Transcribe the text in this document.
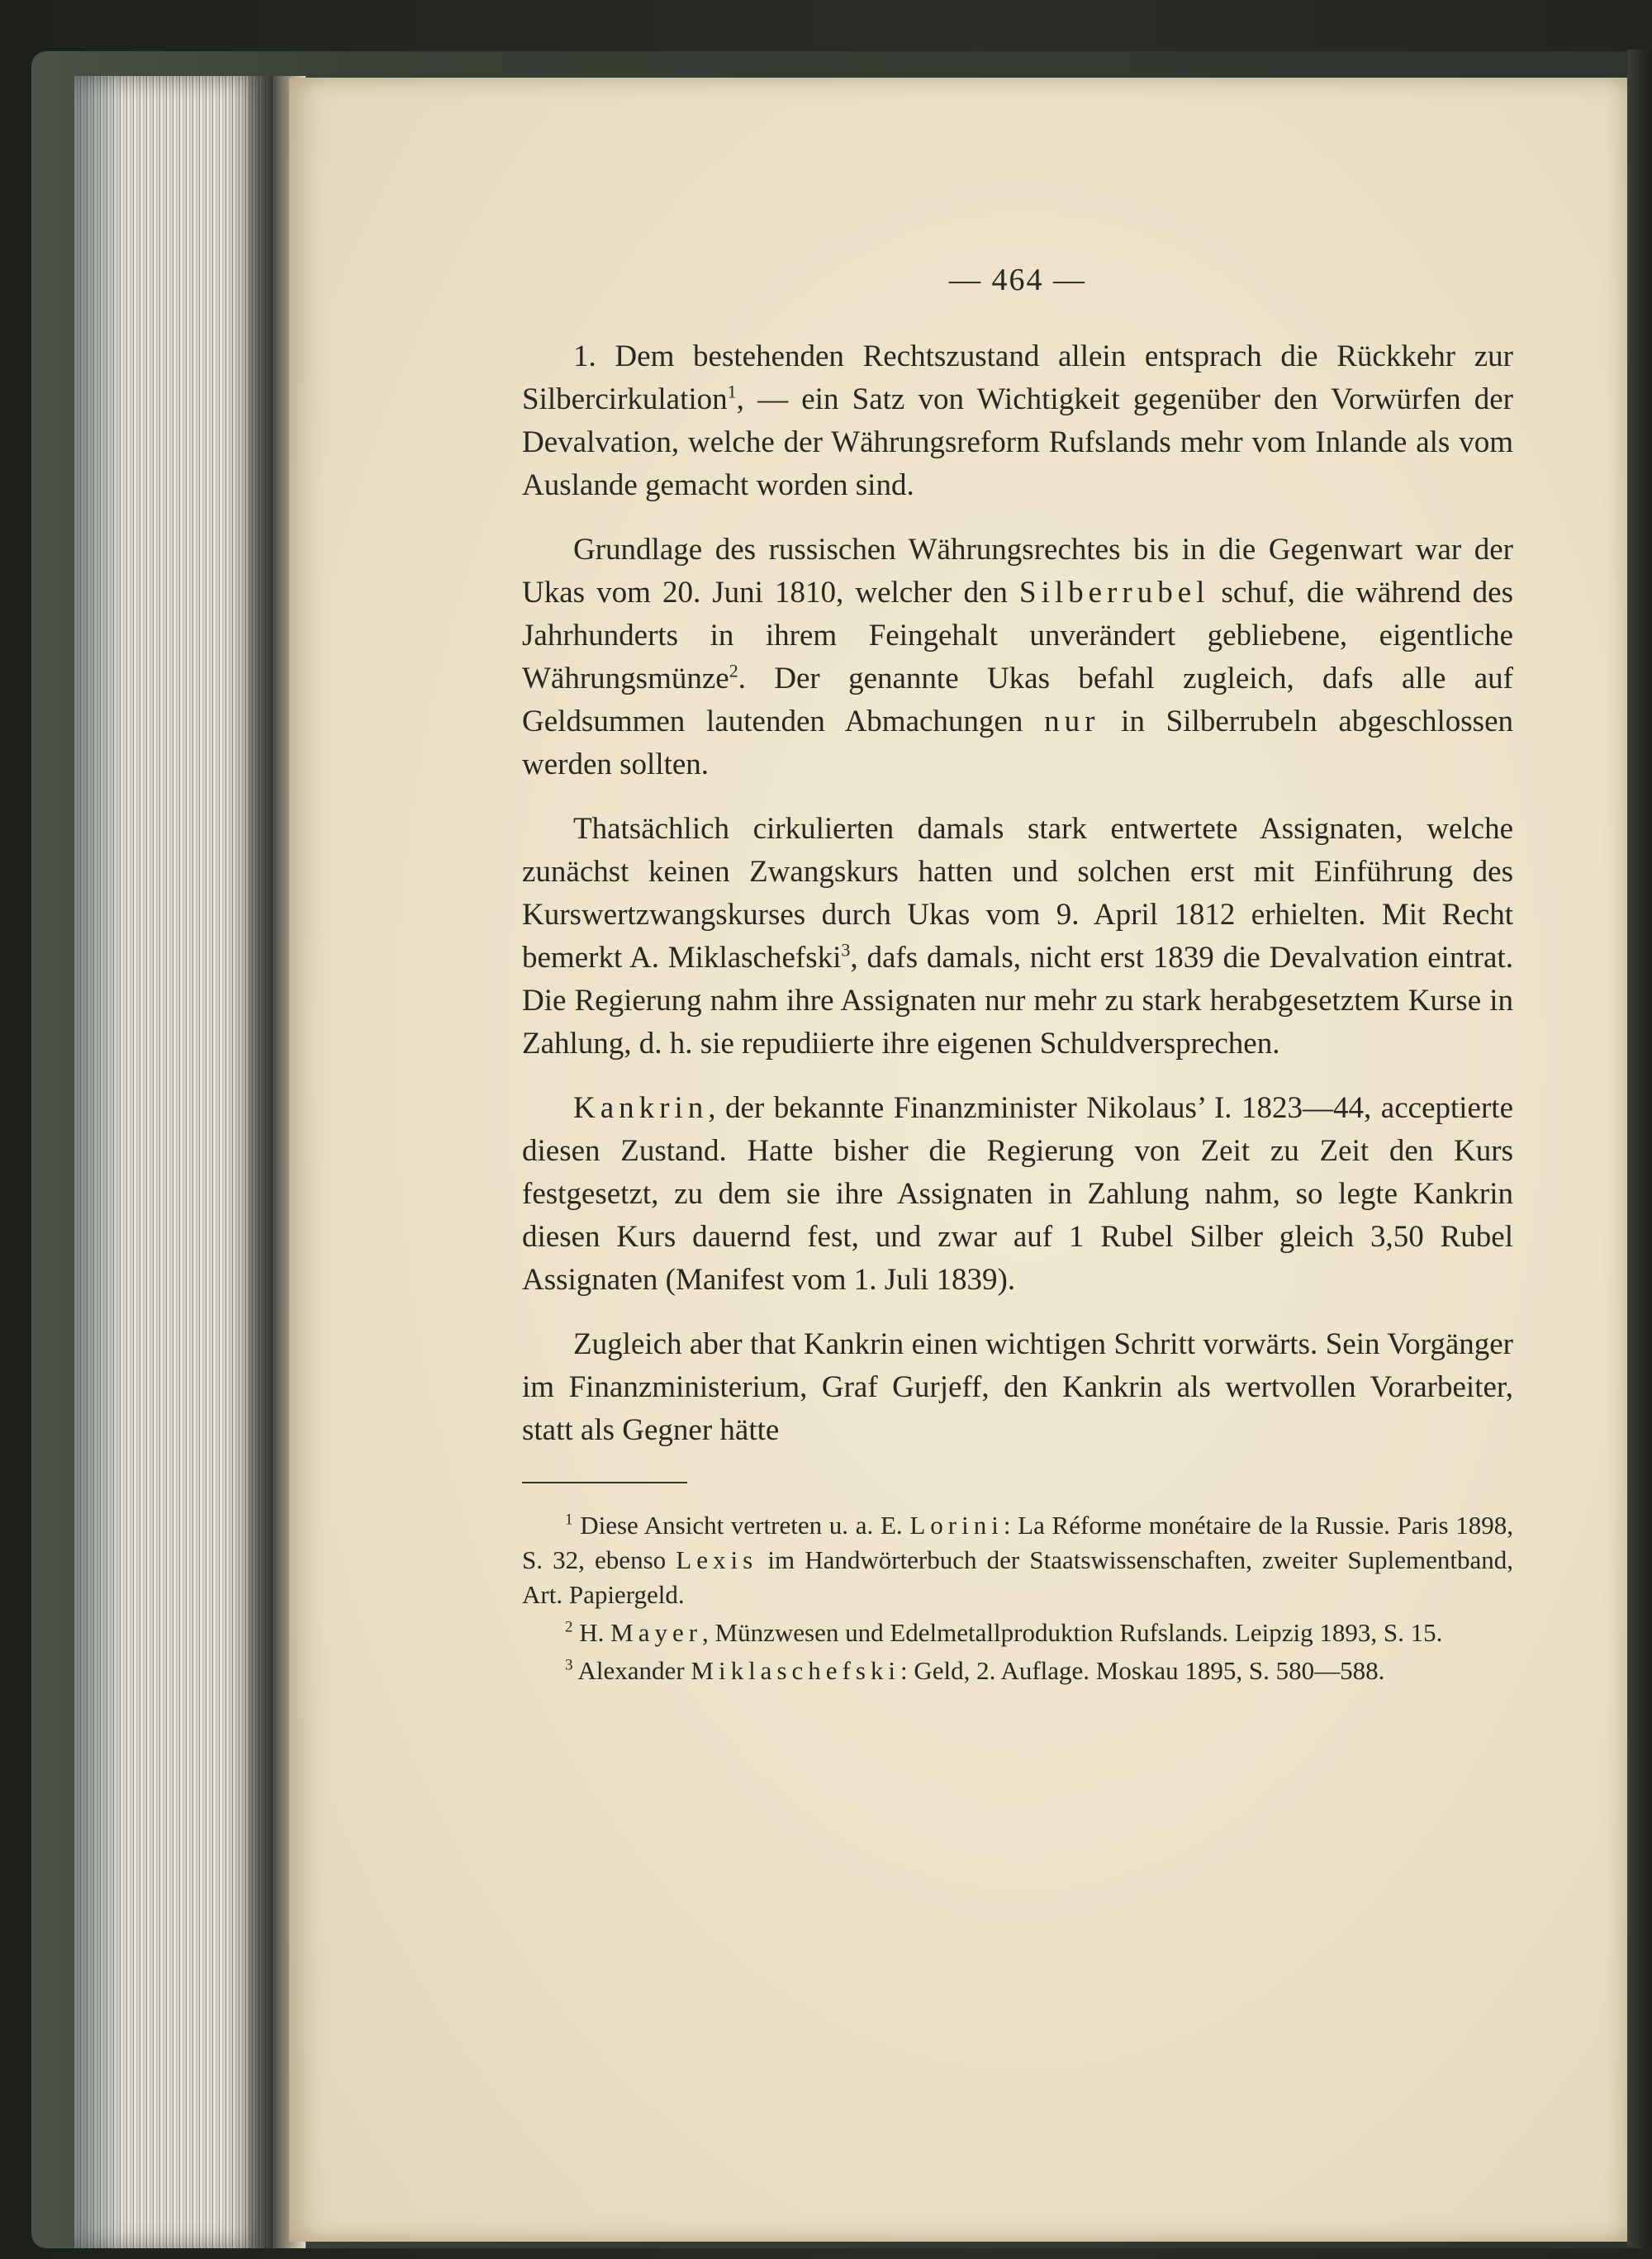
— 464 —

1. Dem bestehenden Rechtszustand allein entsprach die Rückkehr zur Silbercirkulation$^1$, — ein Satz von Wichtigkeit gegenüber den Vorwürfen der Devalvation, welche der Währungsreform Rufslands mehr vom Inlande als vom Auslande gemacht worden sind.

Grundlage des russischen Währungsrechtes bis in die Gegenwart war der Ukas vom 20. Juni 1810, welcher den Silberrubel schuf, die während des Jahrhunderts in ihrem Feingehalt unverändert gebliebene, eigentliche Währungsmünze$^2$. Der genannte Ukas befahl zugleich, dafs alle auf Geldsummen lautenden Abmachungen nur in Silberrubeln abgeschlossen werden sollten.

Thatsächlich cirkulierten damals stark entwertete Assignaten, welche zunächst keinen Zwangskurs hatten und solchen erst mit Einführung des Kurswertzwangskurses durch Ukas vom 9. April 1812 erhielten. Mit Recht bemerkt A. Miklaschefski$^3$, dafs damals, nicht erst 1839 die Devalvation eintrat. Die Regierung nahm ihre Assignaten nur mehr zu stark herabgesetztem Kurse in Zahlung, d. h. sie repudiierte ihre eigenen Schuldversprechen.

Kankrin, der bekannte Finanzminister Nikolaus’ I. 1823—44, acceptierte diesen Zustand. Hatte bisher die Regierung von Zeit zu Zeit den Kurs festgesetzt, zu dem sie ihre Assignaten in Zahlung nahm, so legte Kankrin diesen Kurs dauernd fest, und zwar auf 1 Rubel Silber gleich 3,50 Rubel Assignaten (Manifest vom 1. Juli 1839).

Zugleich aber that Kankrin einen wichtigen Schritt vorwärts. Sein Vorgänger im Finanzministerium, Graf Gurjeff, den Kankrin als wertvollen Vorarbeiter, statt als Gegner hätte

$^1$ Diese Ansicht vertreten u. a. E. Lorini: La Réforme monétaire de la Russie. Paris 1898, S. 32, ebenso Lexis im Handwörterbuch der Staatswissenschaften, zweiter Suplementband, Art. Papiergeld.

$^2$ H. Mayer, Münzwesen und Edelmetallproduktion Rufslands. Leipzig 1893, S. 15.

$^3$ Alexander Miklaschefski: Geld, 2. Auflage. Moskau 1895, S. 580—588.
